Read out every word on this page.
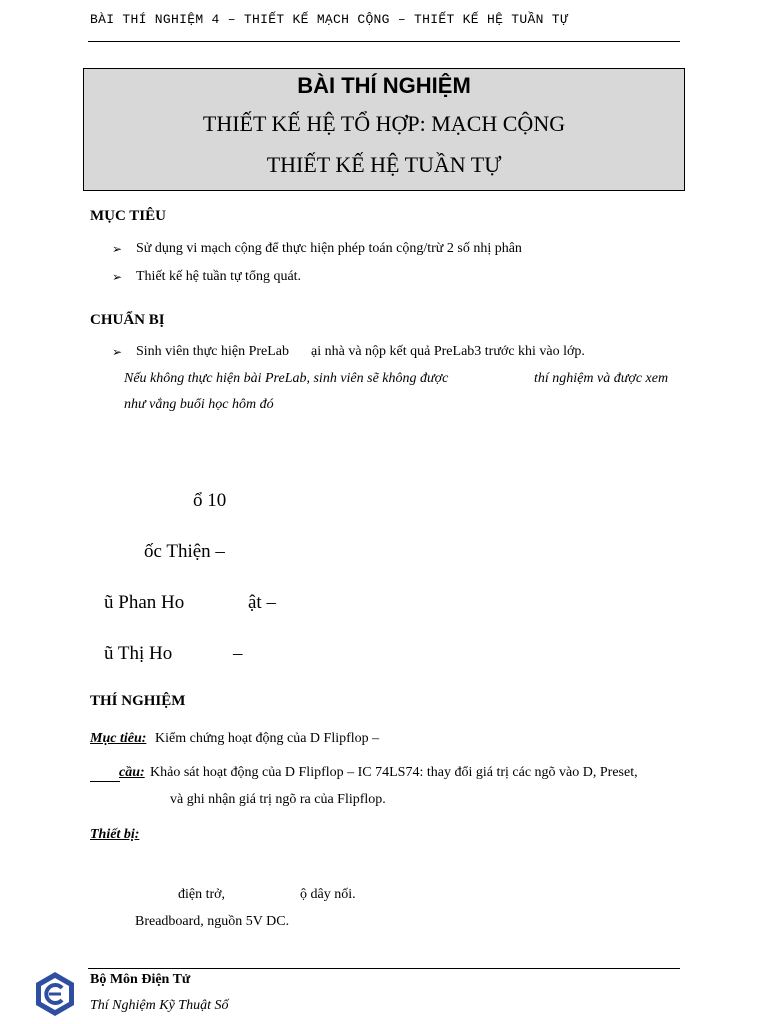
BÀI THÍ NGHIỆM 4 – THIẾT KẾ MẠCH CỘNG – THIẾT KẾ HỆ TUẦN TỰ
BÀI THÍ NGHIỆM
THIẾT KẾ HỆ TỔ HỢP: MẠCH CỘNG
THIẾT KẾ HỆ TUẦN TỰ
MỤC TIÊU
➢ Sử dụng vi mạch cộng để thực hiện phép toán cộng/trừ 2 số nhị phân
➢ Thiết kế hệ tuần tự tổng quát.
CHUẨN BỊ
➢ Sinh viên thực hiện PreLab ại nhà và nộp kết quả PreLab3 trước khi vào lớp.
Nếu không thực hiện bài PreLab, sinh viên sẽ không được	thí nghiệm và được xem
như vắng buổi học hôm đó
ổ 10
ốc Thiện –
ũ Phan Ho	ật –
ũ Thị Ho	–
THÍ NGHIỆM
Mục tiêu: Kiểm chứng hoạt động của D Flipflop –
cầu: Khảo sát hoạt động của D Flipflop – IC 74LS74: thay đổi giá trị các ngõ vào D, Preset,
và ghi nhận giá trị ngõ ra của Flipflop.
Thiết bị:
điện trở,	ộ dây nối.
Breadboard, nguồn 5V DC.
Bộ Môn Điện Tử
Thí Nghiệm Kỹ Thuật Số
